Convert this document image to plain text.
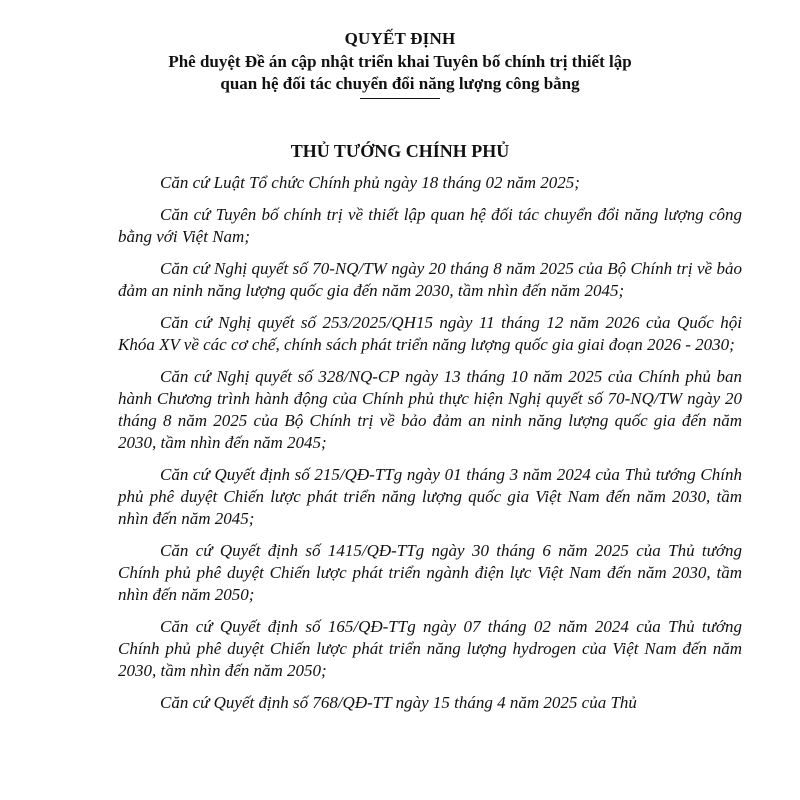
QUYẾT ĐỊNH
Phê duyệt Đề án cập nhật triển khai Tuyên bố chính trị thiết lập
quan hệ đối tác chuyển đổi năng lượng công bằng
THỦ TƯỚNG CHÍNH PHỦ

Căn cứ Luật Tổ chức Chính phủ ngày 18 tháng 02 năm 2025;

Căn cứ Tuyên bố chính trị về thiết lập quan hệ đối tác chuyển đổi năng lượng công bằng với Việt Nam;

Căn cứ Nghị quyết số 70-NQ/TW ngày 20 tháng 8 năm 2025 của Bộ Chính trị về bảo đảm an ninh năng lượng quốc gia đến năm 2030, tầm nhìn đến năm 2045;

Căn cứ Nghị quyết số 253/2025/QH15 ngày 11 tháng 12 năm 2026 của Quốc hội Khóa XV về các cơ chế, chính sách phát triển năng lượng quốc gia giai đoạn 2026 - 2030;

Căn cứ Nghị quyết số 328/NQ-CP ngày 13 tháng 10 năm 2025 của Chính phủ ban hành Chương trình hành động của Chính phủ thực hiện Nghị quyết số 70-NQ/TW ngày 20 tháng 8 năm 2025 của Bộ Chính trị về bảo đảm an ninh năng lượng quốc gia đến năm 2030, tầm nhìn đến năm 2045;

Căn cứ Quyết định số 215/QĐ-TTg ngày 01 tháng 3 năm 2024 của Thủ tướng Chính phủ phê duyệt Chiến lược phát triển năng lượng quốc gia Việt Nam đến năm 2030, tầm nhìn đến năm 2045;

Căn cứ Quyết định số 1415/QĐ-TTg ngày 30 tháng 6 năm 2025 của Thủ tướng Chính phủ phê duyệt Chiến lược phát triển ngành điện lực Việt Nam đến năm 2030, tầm nhìn đến năm 2050;

Căn cứ Quyết định số 165/QĐ-TTg ngày 07 tháng 02 năm 2024 của Thủ tướng Chính phủ phê duyệt Chiến lược phát triển năng lượng hydrogen của Việt Nam đến năm 2030, tầm nhìn đến năm 2050;

Căn cứ Quyết định số 768/QĐ-TT ngày 15 tháng 4 năm 2025 của Thủ
